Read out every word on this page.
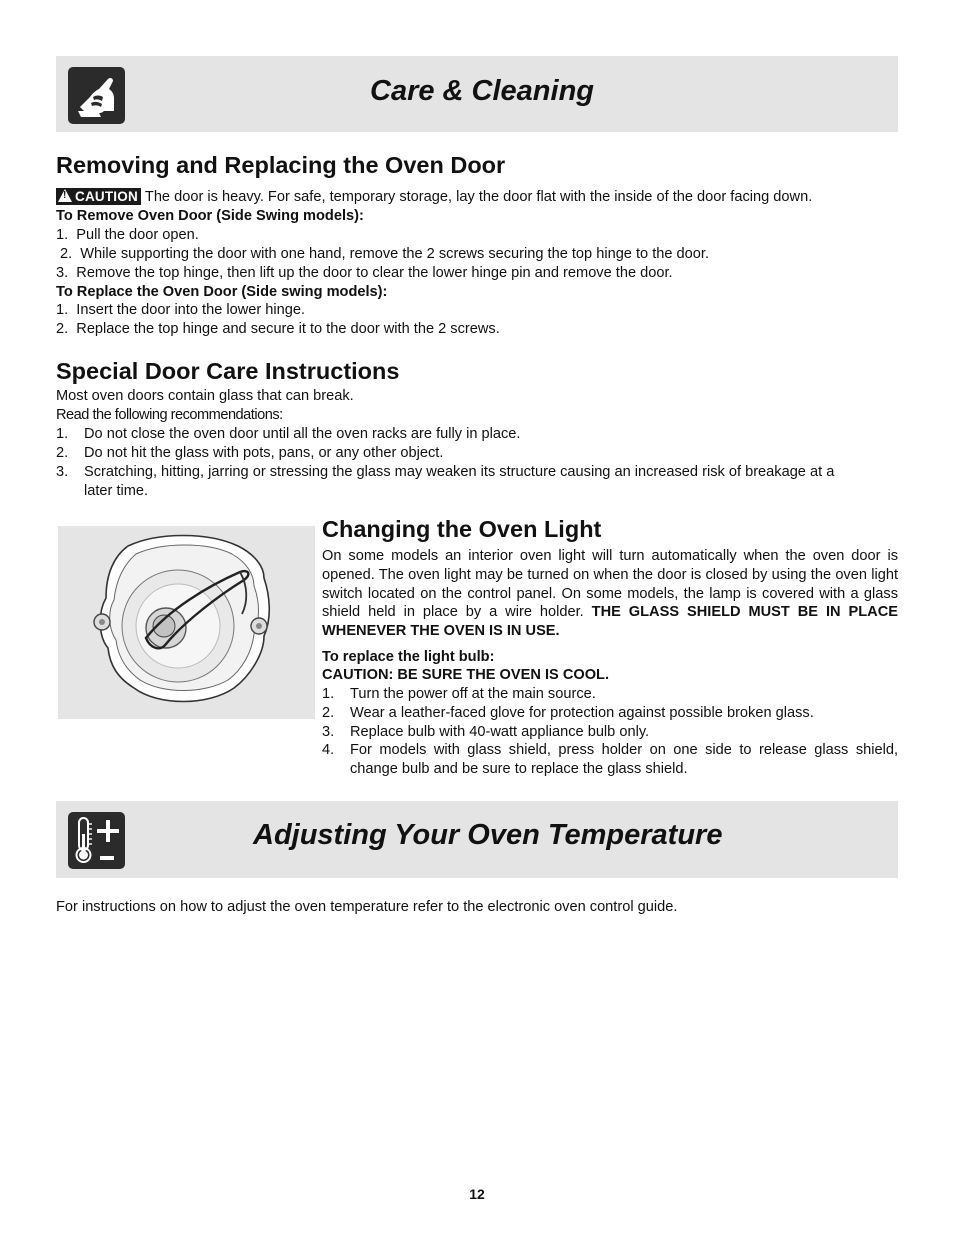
Care & Cleaning
Removing and Replacing the Oven Door
!CAUTION The door is heavy. For safe, temporary storage, lay the door flat with the inside of the door facing down.
To Remove Oven Door (Side Swing models):
1. Pull the door open.
2. While supporting the door with one hand, remove the 2 screws securing the top hinge to the door.
3. Remove the top hinge, then lift up the door to clear the lower hinge pin and remove the door.
To Replace the Oven Door (Side swing models):
1. Insert the door into the lower hinge.
2. Replace the top hinge and secure it to the door with the 2 screws.
Special Door Care Instructions
Most oven doors contain glass that can break.
Read the following recommendations:
1. Do not close the oven door until all the oven racks are fully in place.
2. Do not hit the glass with pots, pans, or any other object.
3. Scratching, hitting, jarring or stressing the glass may weaken its structure causing an increased risk of breakage at a
later time.
Changing the Oven Light
On some models an interior oven light will turn automatically when the oven door is opened. The oven light may be turned on when the door is closed by using the oven light switch located on the control panel. On some models, the lamp is covered with a glass shield held in place by a wire holder. THE GLASS SHIELD MUST BE IN PLACE WHENEVER THE OVEN IS IN USE.
To replace the light bulb:
CAUTION: BE SURE THE OVEN IS COOL.
1. Turn the power off at the main source.
2. Wear a leather-faced glove for protection against possible broken glass.
3. Replace bulb with 40-watt appliance bulb only.
4. For models with glass shield, press holder on one side to release glass shield, change bulb and be sure to replace the glass shield.
Adjusting Your Oven Temperature
For instructions on how to adjust the oven temperature refer to the electronic oven control guide.
12
